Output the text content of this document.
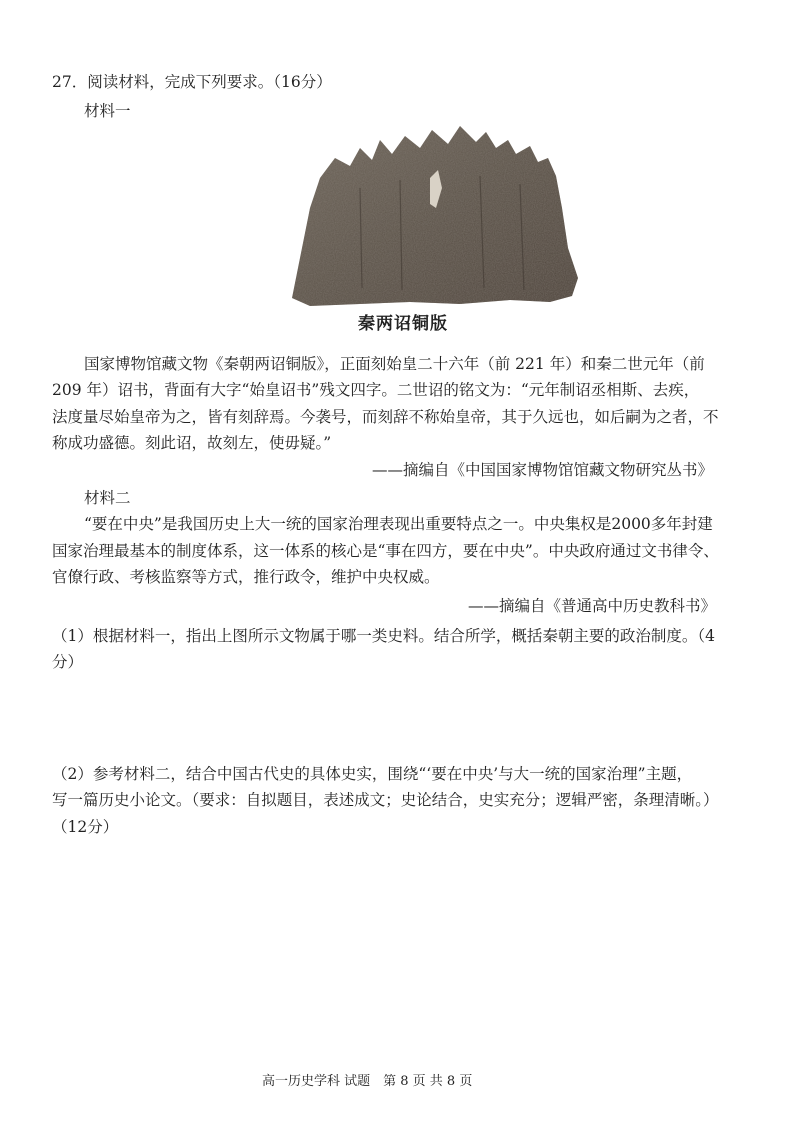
27．阅读材料，完成下列要求。（16分）
材料一
秦两诏铜版
国家博物馆藏文物《秦朝两诏铜版》，正面刻始皇二十六年（前 221 年）和秦二世元年（前
209 年）诏书，背面有大字“始皇诏书”残文四字。二世诏的铭文为：“元年制诏丞相斯、去疾，
法度量尽始皇帝为之，皆有刻辞焉。今袭号，而刻辞不称始皇帝，其于久远也，如后嗣为之者，不
称成功盛德。刻此诏，故刻左，使毋疑。”
——摘编自《中国国家博物馆馆藏文物研究丛书》
材料二
“要在中央”是我国历史上大一统的国家治理表现出重要特点之一。中央集权是2000多年封建
国家治理最基本的制度体系，这一体系的核心是“事在四方，要在中央”。中央政府通过文书律令、
官僚行政、考核监察等方式，推行政令，维护中央权威。
——摘编自《普通高中历史教科书》
（1）根据材料一，指出上图所示文物属于哪一类史料。结合所学，概括秦朝主要的政治制度。（4
分）
（2）参考材料二，结合中国古代史的具体史实，围绕“‘要在中央’与大一统的国家治理”主题，
写一篇历史小论文。（要求：自拟题目，表述成文；史论结合，史实充分；逻辑严密，条理清晰。）
（12分）
高一历史学科 试题　第 8 页 共 8 页
